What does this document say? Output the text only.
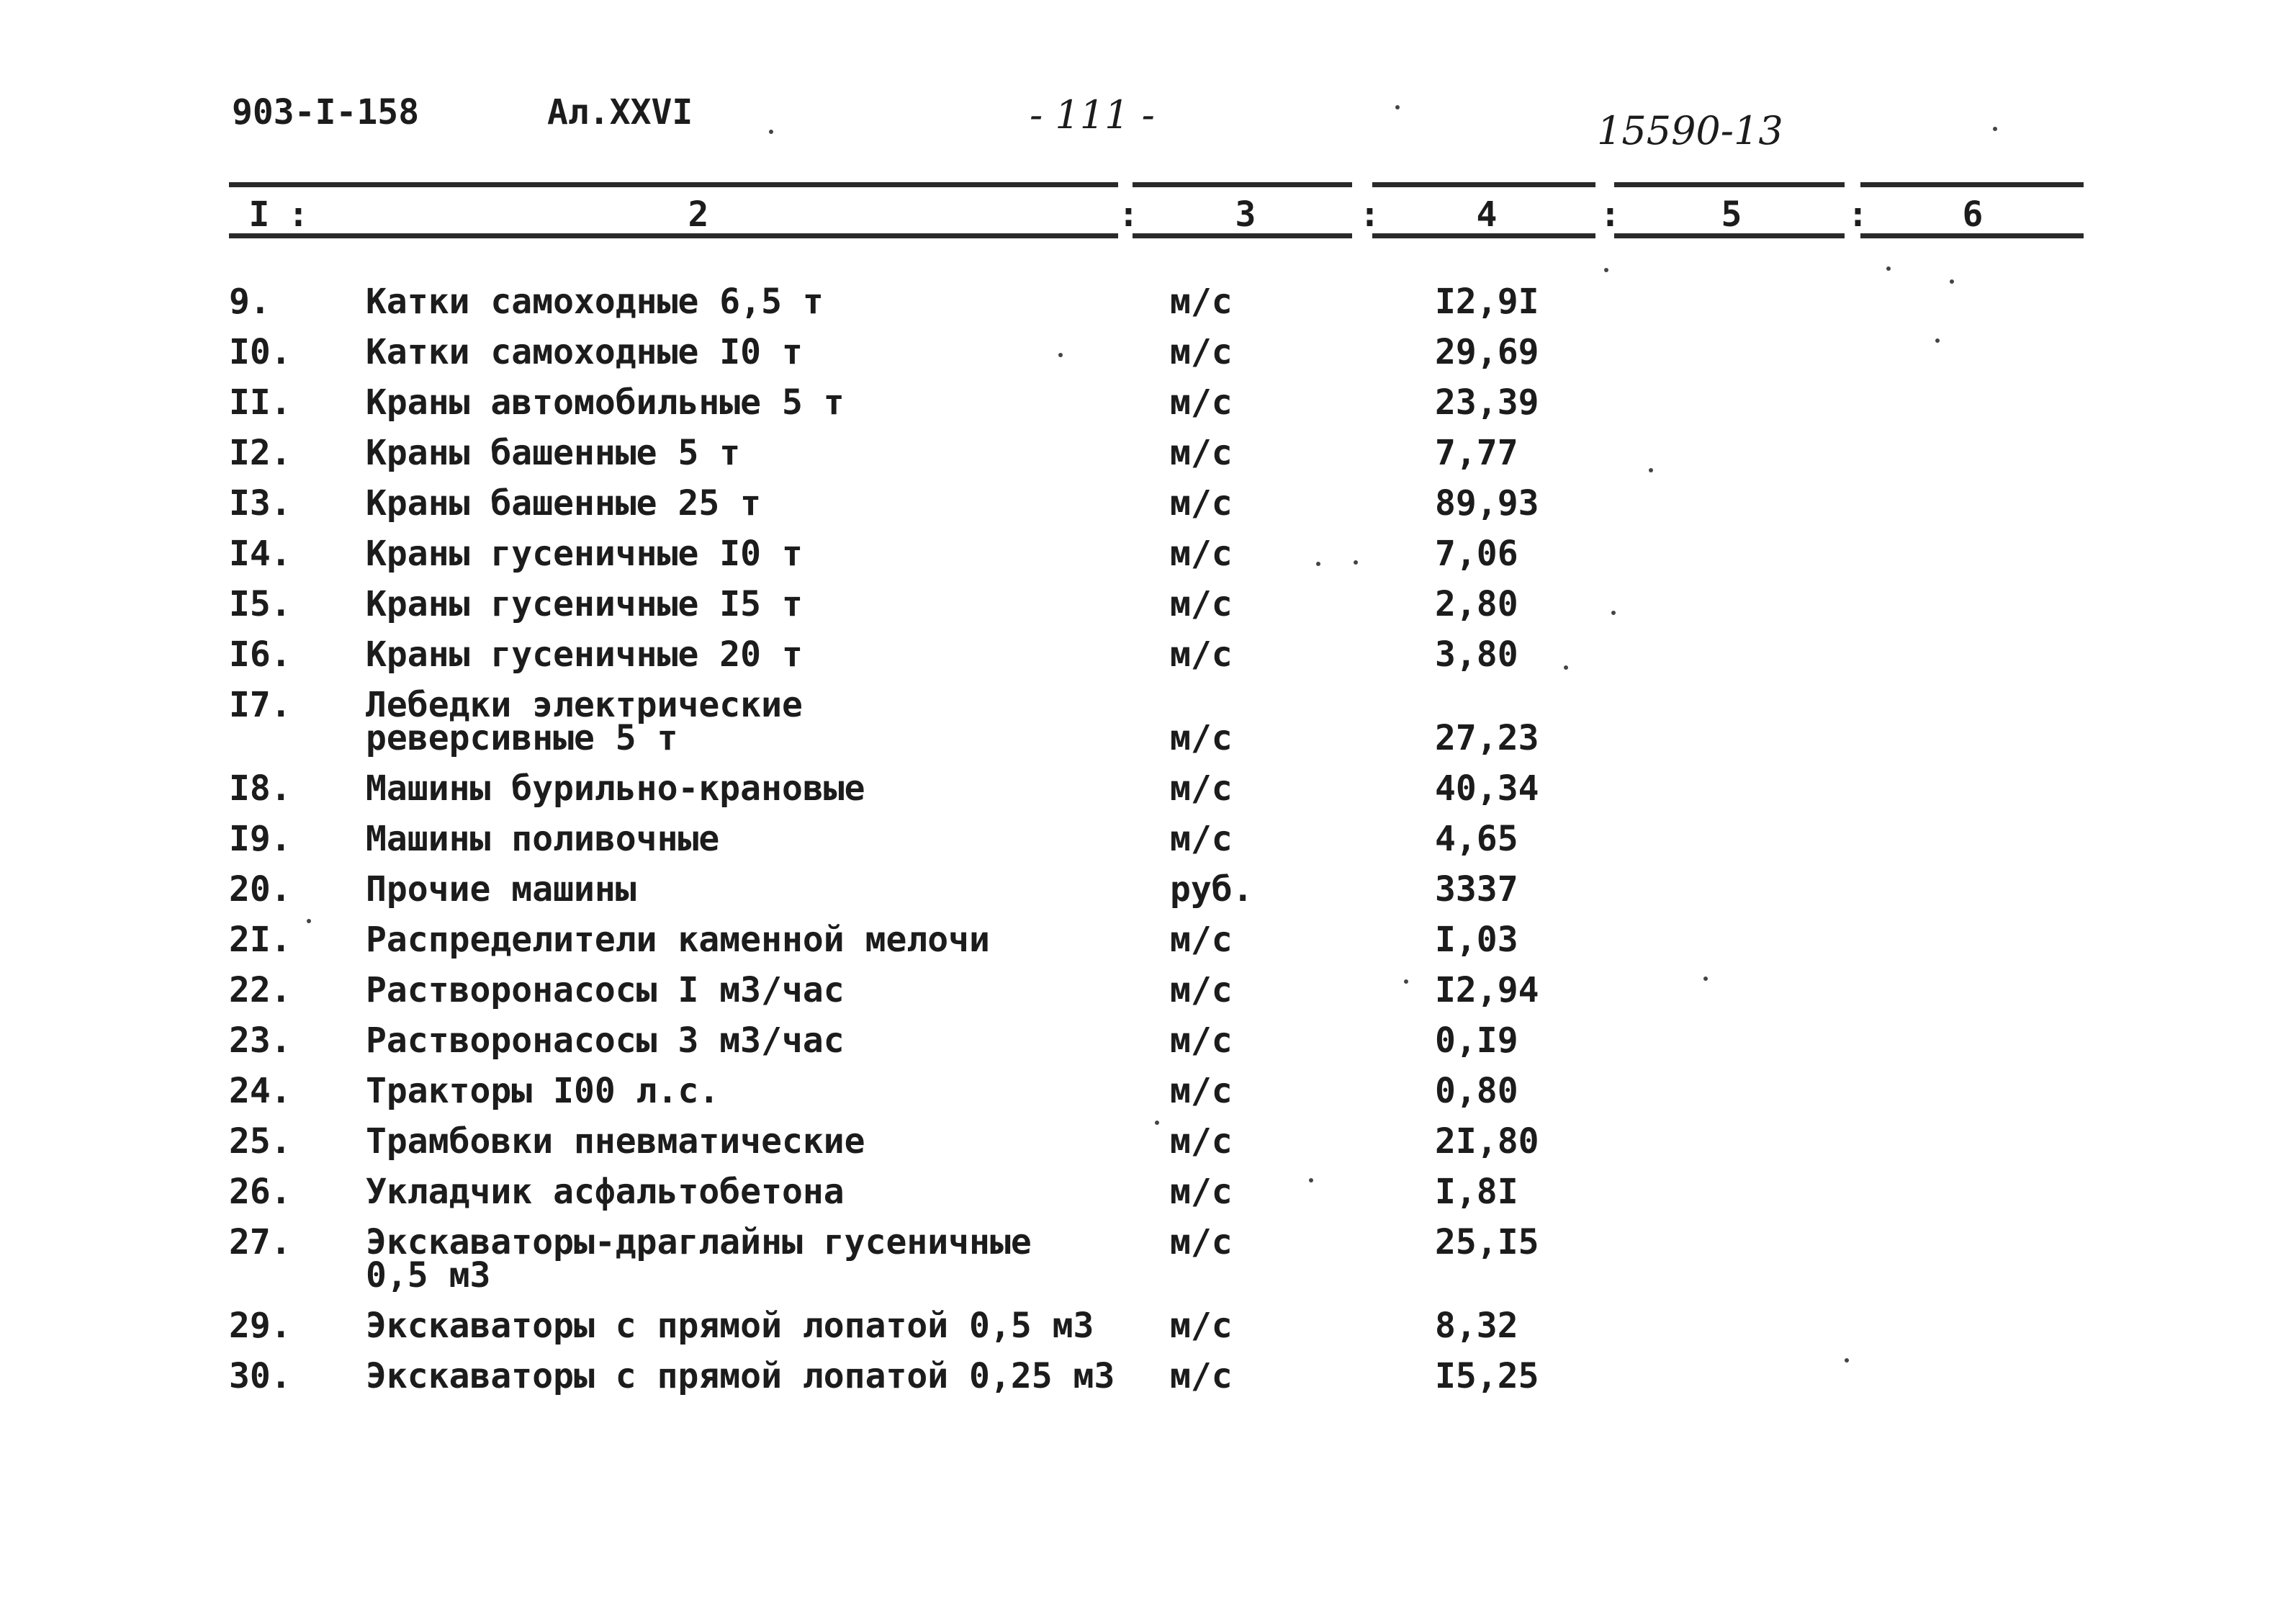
903-I-158	Ал.XXVI	- 111 -	15590-13
I :	2	:	3	:	4	:	5	:	6
9.	Катки самоходные 6,5 т	м/с	I2,9I
I0. Катки самоходные I0 т	м/с	29,69
II. Краны автомобильные 5 т	м/с	23,39
I2. Краны башенные 5 т	м/с	7,77
I3. Краны башенные 25 т	м/с	89,93
I4. Краны гусеничные I0 т	м/с	7,06
I5. Краны гусеничные I5 т	м/с	2,80
I6. Краны гусеничные 20 т	м/с	3,80
I7. Лебедки электрические
реверсивные 5 т	м/с	27,23
I8. Машины бурильно-крановые	м/с	40,34
I9. Машины поливочные	м/с	4,65
20. Прочие машины	руб.	3337
2I. Распределители каменной мелочи	м/с	I,03
22. Растворонасосы I м3/час	м/с	I2,94
23. Растворонасосы 3 м3/час	м/с	0,I9
24. Тракторы I00 л.с.	м/с	0,80
25. Трамбовки пневматические	м/с	2I,80
26. Укладчик асфальтобетона	м/с	I,8I
27. Экскаваторы-драглайны гусеничные
0,5 м3
м/с	25,I5
29. Экскаваторы с прямой лопатой 0,5 м3 м/с	8,32
30. Экскаваторы с прямой лопатой 0,25 м3 м/с	I5,25
